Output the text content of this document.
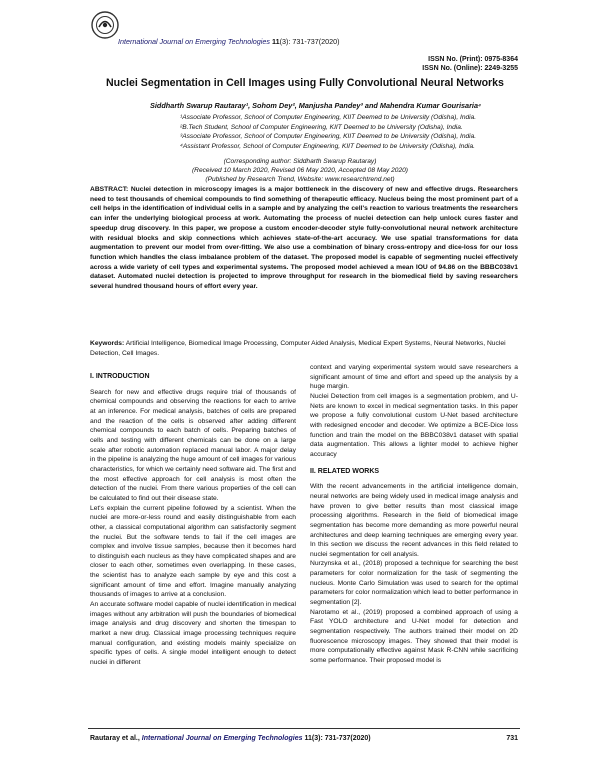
International Journal on Emerging Technologies 11(3): 731-737(2020)
ISSN No. (Print): 0975-8364
ISSN No. (Online): 2249-3255
Nuclei Segmentation in Cell Images using Fully Convolutional Neural Networks
Siddharth Swarup Rautaray¹, Sohom Dey², Manjusha Pandey³ and Mahendra Kumar Gourisaria⁴
¹Associate Professor, School of Computer Engineering, KIIT Deemed to be University (Odisha), India.
²B.Tech Student, School of Computer Engineering, KIIT Deemed to be University (Odisha), India.
³Associate Professor, School of Computer Engineering, KIIT Deemed to be University (Odisha), India.
⁴Assistant Professor, School of Computer Engineering, KIIT Deemed to be University (Odisha), India.
(Corresponding author: Siddharth Swarup Rautaray)
(Received 10 March 2020, Revised 06 May 2020, Accepted 08 May 2020)
(Published by Research Trend, Website: www.researchtrend.net)
ABSTRACT: Nuclei detection in microscopy images is a major bottleneck in the discovery of new and effective drugs. Researchers need to test thousands of chemical compounds to find something of therapeutic efficacy. Nucleus being the most prominent part of a cell helps in the identification of individual cells in a sample and by analyzing the cell's reaction to various treatments the researchers can infer the underlying biological process at work. Automating the process of nuclei detection can help unlock cures faster and speedup drug discovery. In this paper, we propose a custom encoder-decoder style fully-convolutional neural network architecture with residual blocks and skip connections which achieves state-of-the-art accuracy. We use spatial transformations for data augmentation to prevent our model from over-fitting. We also use a combination of binary cross-entropy and dice-loss for our loss function which handles the class imbalance problem of the dataset. The proposed model is capable of segmenting nuclei effectively across a wide variety of cell types and experimental systems. The proposed model achieved a mean IOU of 94.86 on the BBBC038v1 dataset. Automated nuclei detection is projected to improve throughput for research in the biomedical field by saving researchers several hundred thousand hours of effort every year.
Keywords: Artificial Intelligence, Biomedical Image Processing, Computer Aided Analysis, Medical Expert Systems, Neural Networks, Nuclei Detection, Cell Images.
I. INTRODUCTION

Search for new and effective drugs require trial of thousands of chemical compounds and observing the reactions for each to arrive at an inference. For medical analysis, batches of cells are prepared and the reaction of the cells is observed after adding different chemical compounds to each batch of cells. Preparing batches of cells and testing with different chemicals can be done on a large scale after robotic automation replaced manual labor. A major delay in the pipeline is analyzing the huge amount of cell images for various characteristics, for which we certainly need software aid. The first and the most effective approach for cell analysis is most often the detection of the nuclei. From there various properties of the cell can be calculated to find out their disease state.

Let's explain the current pipeline followed by a scientist. When the nuclei are more-or-less round and easily distinguishable from each other, a classical computational algorithm can satisfactorily segment the nuclei. But the software tends to fail if the cell images are complex and involve tissue samples, because then it becomes hard to distinguish each nucleus as they have complicated shapes and are closer to each other, sometimes even overlapping. In these cases, the scientist has to analyze each sample by eye and this cost a significant amount of time and effort. Imagine manually analyzing thousands of images to arrive at a conclusion.

An accurate software model capable of nuclei identification in medical images without any arbitration will push the boundaries of biomedical image analysis and drug discovery and shorten the timespan to market a new drug. Classical image processing techniques require manual configuration, and existing models mainly specialize on specific types of cells. A single model intelligent enough to detect nuclei in different

context and varying experimental system would save researchers a significant amount of time and effort and speed up the analysis by a huge margin.

Nuclei Detection from cell images is a segmentation problem, and U-Nets are known to excel in medical segmentation tasks. In this paper we propose a fully convolutional custom U-Net based architecture with redesigned encoder and decoder. We optimize a BCE-Dice loss function and train the model on the BBBC038v1 dataset with spatial data augmentation. This allows a lighter model to achieve higher accuracy

II. RELATED WORKS

With the recent advancements in the artificial intelligence domain, neural networks are being widely used in medical image analysis and have proven to give better results than most classical image processing algorithms. Research in the field of biomedical image segmentation has become more demanding as more powerful neural architectures and deep learning techniques are emerging every year. In this section we discuss the recent advances in this field related to nuclei segmentation for cell analysis.

Nurzynska et al., (2018) proposed a technique for searching the best parameters for color normalization for the task of segmenting the nucleus. Monte Carlo Simulation was used to search for the optimal parameters for color normalization which lead to better performance in segmentation [2].

Narotamo et al., (2019) proposed a combined approach of using a Fast YOLO architecture and U-Net model for detection and segmentation respectively. The authors trained their model on 2D fluorescence microscopy images. They showed that their model is more computationally effective against Mask R-CNN while sacrificing some performance. Their proposed model is

Rautaray et al., International Journal on Emerging Technologies 11(3): 731-737(2020)	731
